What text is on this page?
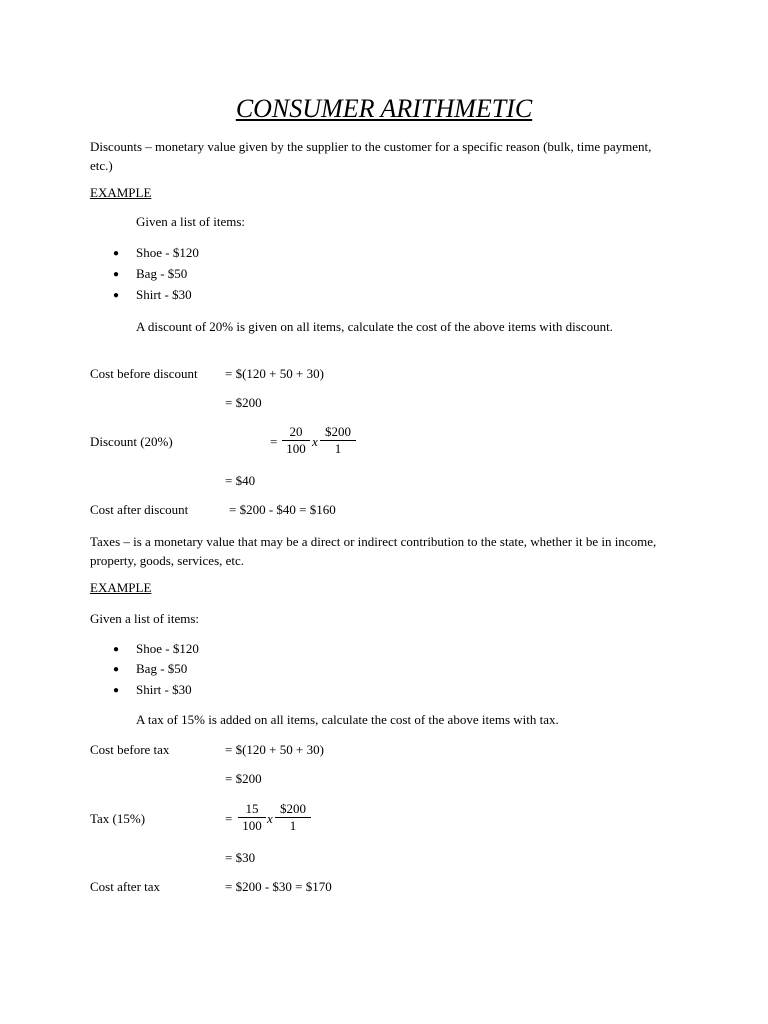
CONSUMER ARITHMETIC
Discounts – monetary value given by the supplier to the customer for a specific reason (bulk, time payment, etc.)
EXAMPLE
Given a list of items:
● Shoe - $120
● Bag - $50
● Shirt - $30
A discount of 20% is given on all items, calculate the cost of the above items with discount.
Cost before discount = $(120 + 50 + 30)
= $200
Discount (20%)	= $\frac{20}{100}$ x $\frac{\$200}{1}$
= $40
Cost after discount	= $200 - $40 = $160
Taxes – is a monetary value that may be a direct or indirect contribution to the state, whether it be in income, property, goods, services, etc.
EXAMPLE
Given a list of items:
● Shoe - $120
● Bag - $50
● Shirt - $30
A tax of 15% is added on all items, calculate the cost of the above items with tax.
Cost before tax	= $(120 + 50 + 30)
= $200
Tax (15%)	= $\frac{15}{100}$ x $\frac{\$200}{1}$
= $30
Cost after tax	= $200 - $30 = $170
